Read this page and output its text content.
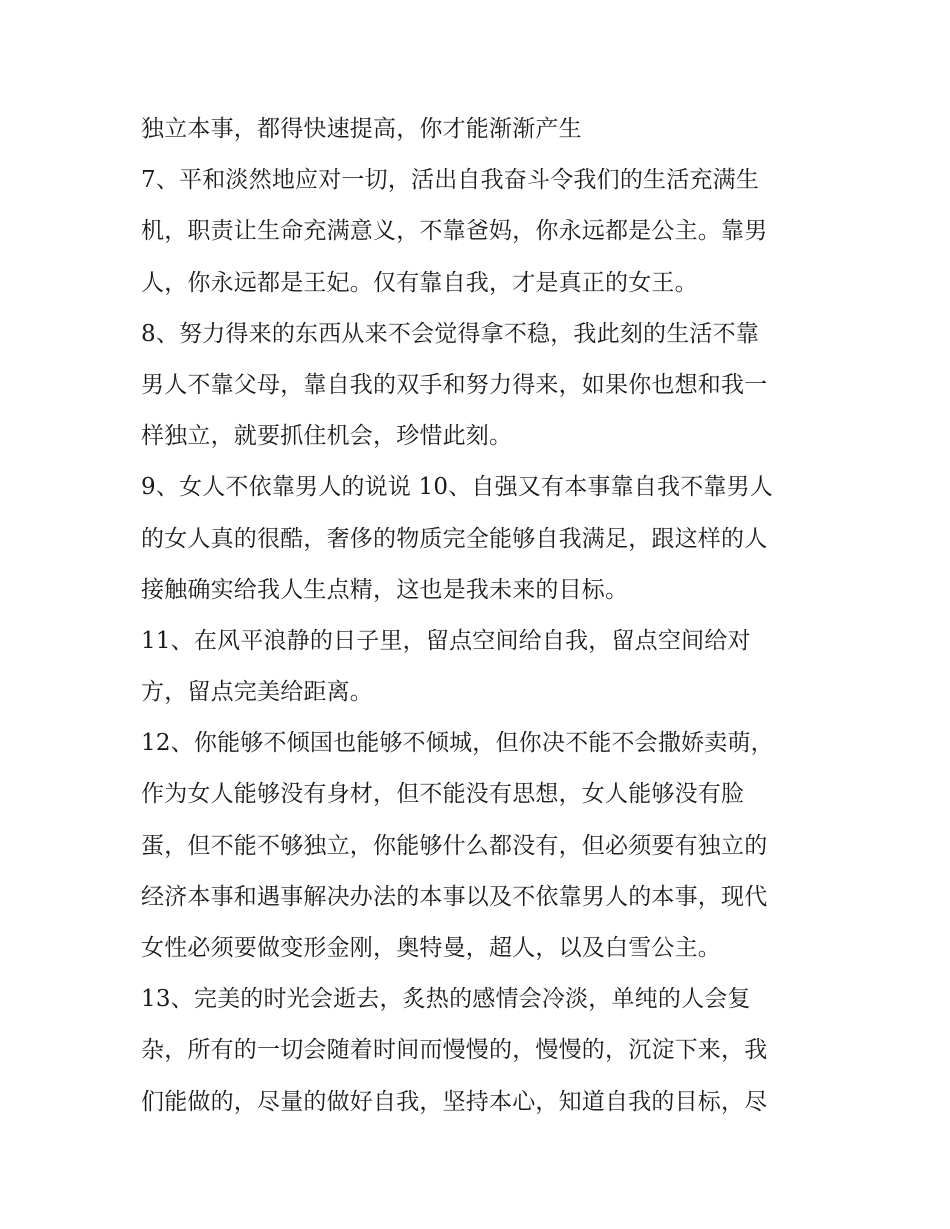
独立本事，都得快速提高，你才能渐渐产生
7、平和淡然地应对一切，活出自我奋斗令我们的生活充满生
机，职责让生命充满意义，不靠爸妈，你永远都是公主。靠男
人，你永远都是王妃。仅有靠自我，才是真正的女王。
8、努力得来的东西从来不会觉得拿不稳，我此刻的生活不靠
男人不靠父母，靠自我的双手和努力得来，如果你也想和我一
样独立，就要抓住机会，珍惜此刻。
9、女人不依靠男人的说说 10、自强又有本事靠自我不靠男人
的女人真的很酷，奢侈的物质完全能够自我满足，跟这样的人
接触确实给我人生点精，这也是我未来的目标。
11、在风平浪静的日子里，留点空间给自我，留点空间给对
方，留点完美给距离。
12、你能够不倾国也能够不倾城，但你决不能不会撒娇卖萌，
作为女人能够没有身材，但不能没有思想，女人能够没有脸
蛋，但不能不够独立，你能够什么都没有，但必须要有独立的
经济本事和遇事解决办法的本事以及不依靠男人的本事，现代
女性必须要做变形金刚，奥特曼，超人，以及白雪公主。
13、完美的时光会逝去，炙热的感情会冷淡，单纯的人会复
杂，所有的一切会随着时间而慢慢的，慢慢的，沉淀下来，我
们能做的，尽量的做好自我，坚持本心，知道自我的目标，尽
